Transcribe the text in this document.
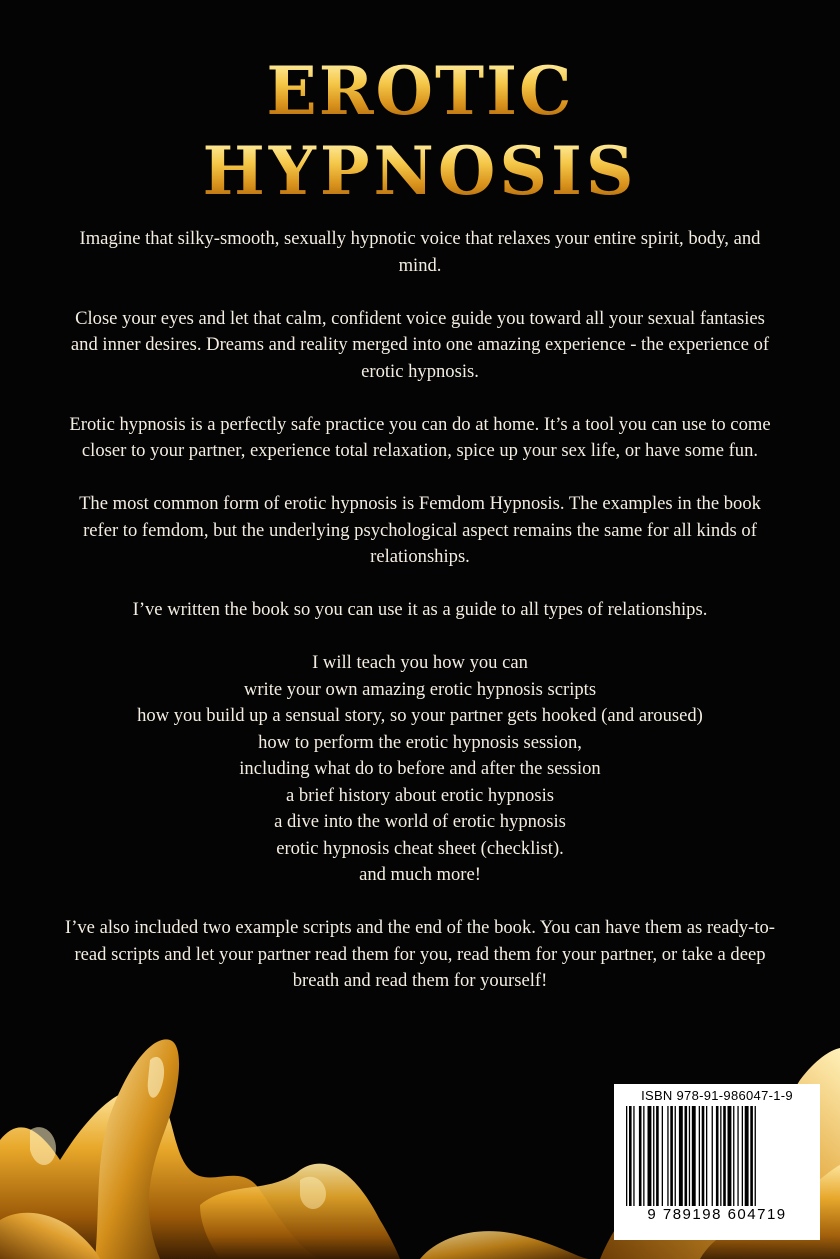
EROTIC
HYPNOSIS

Imagine that silky-smooth, sexually hypnotic voice that relaxes your entire spirit, body, and mind.

Close your eyes and let that calm, confident voice guide you toward all your sexual fantasies and inner desires. Dreams and reality merged into one amazing experience - the experience of erotic hypnosis.

Erotic hypnosis is a perfectly safe practice you can do at home. It’s a tool you can use to come closer to your partner, experience total relaxation, spice up your sex life, or have some fun.

The most common form of erotic hypnosis is Femdom Hypnosis. The examples in the book refer to femdom, but the underlying psychological aspect remains the same for all kinds of relationships.

I’ve written the book so you can use it as a guide to all types of relationships.

I will teach you how you can
write your own amazing erotic hypnosis scripts
how you build up a sensual story, so your partner gets hooked (and aroused)
how to perform the erotic hypnosis session,
including what do to before and after the session
a brief history about erotic hypnosis
a dive into the world of erotic hypnosis
erotic hypnosis cheat sheet (checklist).
and much more!

I’ve also included two example scripts and the end of the book. You can have them as ready-to-read scripts and let your partner read them for you, read them for your partner, or take a deep breath and read them for yourself!

ISBN 978-91-986047-1-9
9 789198 604719
